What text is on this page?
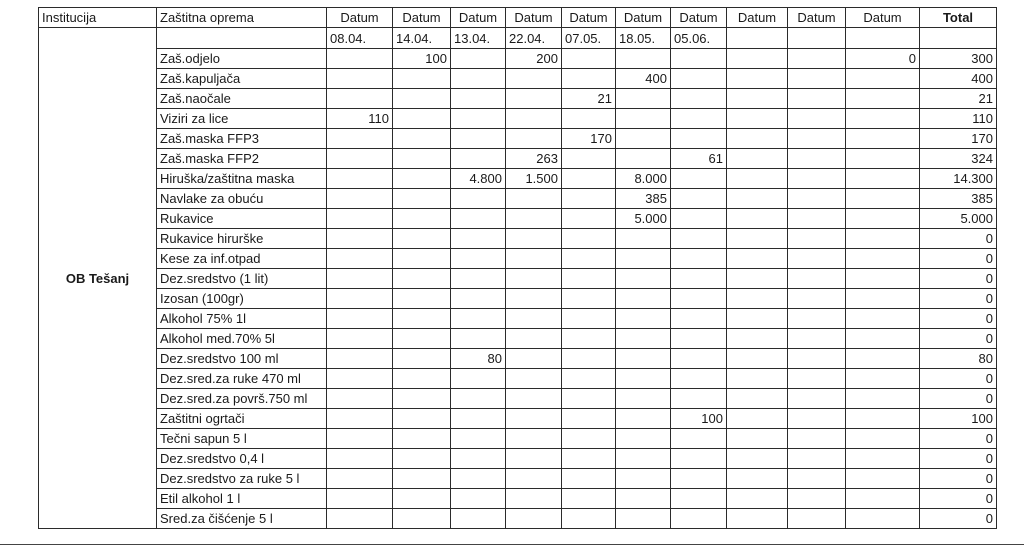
Institucija	Zaštitna oprema	Datum	Datum	Datum	Datum	Datum	Datum	Datum	Datum	Datum	Datum	Total
OB Tešanj		08.04.	14.04.	13.04.	22.04.	07.05.	18.05.	05.06.				
	Zaš.odjelo		100		200						0	300
	Zaš.kapuljača						400					400
	Zaš.naočale					21						21
	Viziri za lice	110										110
	Zaš.maska FFP3					170						170
	Zaš.maska FFP2				263			61				324
	Hiruška/zaštitna maska			4.800	1.500		8.000					14.300
	Navlake za obuću						385					385
	Rukavice						5.000					5.000
	Rukavice hirurške											0
	Kese za inf.otpad											0
	Dez.sredstvo (1 lit)											0
	Izosan (100gr)											0
	Alkohol 75% 1l											0
	Alkohol med.70% 5l											0
	Dez.sredstvo 100 ml			80								80
	Dez.sred.za ruke 470 ml											0
	Dez.sred.za površ.750 ml											0
	Zaštitni ogrtači							100				100
	Tečni sapun 5 l											0
	Dez.sredstvo 0,4 l											0
	Dez.sredstvo za ruke 5 l											0
	Etil alkohol 1 l											0
	Sred.za čišćenje 5 l											0
